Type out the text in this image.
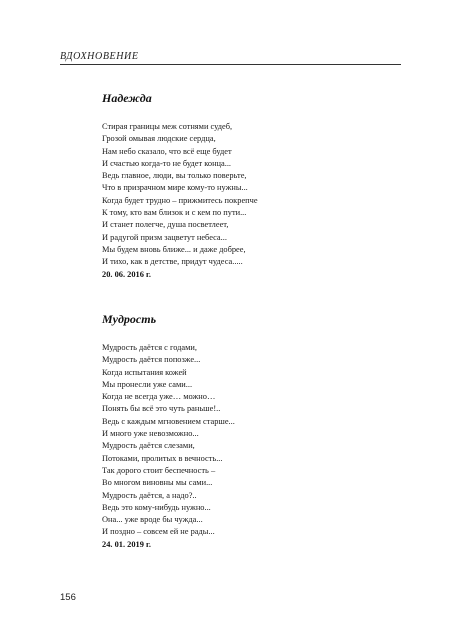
ВДОХНОВЕНИЕ
Надежда
Стирая границы меж сотнями судеб,
Грозой омывая людские сердца,
Нам небо сказало, что всё еще будет
И счастью когда-то не будет конца...
Ведь главное, люди, вы только поверьте,
Что в призрачном мире кому-то нужны...
Когда будет трудно – прижмитесь покрепче
К тому, кто вам близок и с кем по пути...
И станет полегче, душа посветлеет,
И радугой призм зацветут небеса...
Мы будем вновь ближе... и даже добрее,
И тихо, как в детстве, придут чудеса.....
20. 06. 2016 г.
Мудрость
Мудрость даётся с годами,
Мудрость даётся попозже...
Когда испытания кожей
Мы пронесли уже сами...
Когда не всегда уже… можно…
Понять бы всё это чуть раньше!..
Ведь с каждым мгновением старше...
И много уже невозможно...
Мудрость даётся слезами,
Потоками, пролитых в вечность...
Так дорого стоит беспечность –
Во многом виновны мы сами...
Мудрость даётся, а надо?..
Ведь это кому-нибудь нужно...
Она... уже вроде бы чужда...
И поздно – совсем ей не рады...
24. 01. 2019 г.
156
